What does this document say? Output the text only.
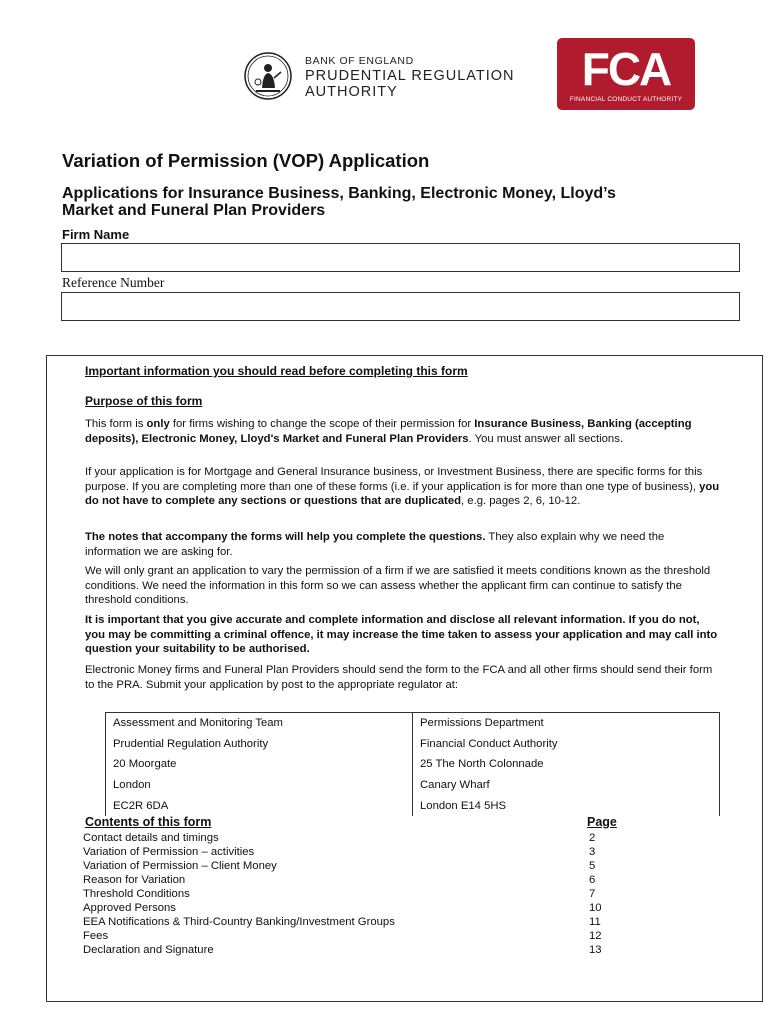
BANK OF ENGLAND
PRUDENTIAL REGULATION
AUTHORITY	FCA
FINANCIAL CONDUCT AUTHORITY
Variation of Permission (VOP) Application
Applications for Insurance Business, Banking, Electronic Money, Lloyd’s Market and Funeral Plan Providers
Firm Name
Reference Number
Important information you should read before completing this form
Purpose of this form
This form is only for firms wishing to change the scope of their permission for Insurance Business, Banking (accepting deposits), Electronic Money, Lloyd's Market and Funeral Plan Providers. You must answer all sections.
If your application is for Mortgage and General Insurance business, or Investment Business, there are specific forms for this purpose. If you are completing more than one of these forms (i.e. if your application is for more than one type of business), you do not have to complete any sections or questions that are duplicated, e.g. pages 2, 6, 10-12.
The notes that accompany the forms will help you complete the questions. They also explain why we need the information we are asking for.
We will only grant an application to vary the permission of a firm if we are satisfied it meets conditions known as the threshold conditions. We need the information in this form so we can assess whether the applicant firm can continue to satisfy the threshold conditions.
It is important that you give accurate and complete information and disclose all relevant information. If you do not, you may be committing a criminal offence, it may increase the time taken to assess your application and may call into question your suitability to be authorised.
Electronic Money firms and Funeral Plan Providers should send the form to the FCA and all other firms should send their form to the PRA. Submit your application by post to the appropriate regulator at:
Assessment and Monitoring Team	Permissions Department
Prudential Regulation Authority	Financial Conduct Authority
20 Moorgate	25 The North Colonnade
London	Canary Wharf
EC2R 6DA	London E14 5HS
Contents of this form	Page
Contact details and timings	2
Variation of Permission – activities	3
Variation of Permission – Client Money	5
Reason for Variation	6
Threshold Conditions	7
Approved Persons	10
EEA Notifications & Third-Country Banking/Investment Groups	11
Fees	12
Declaration and Signature	13
